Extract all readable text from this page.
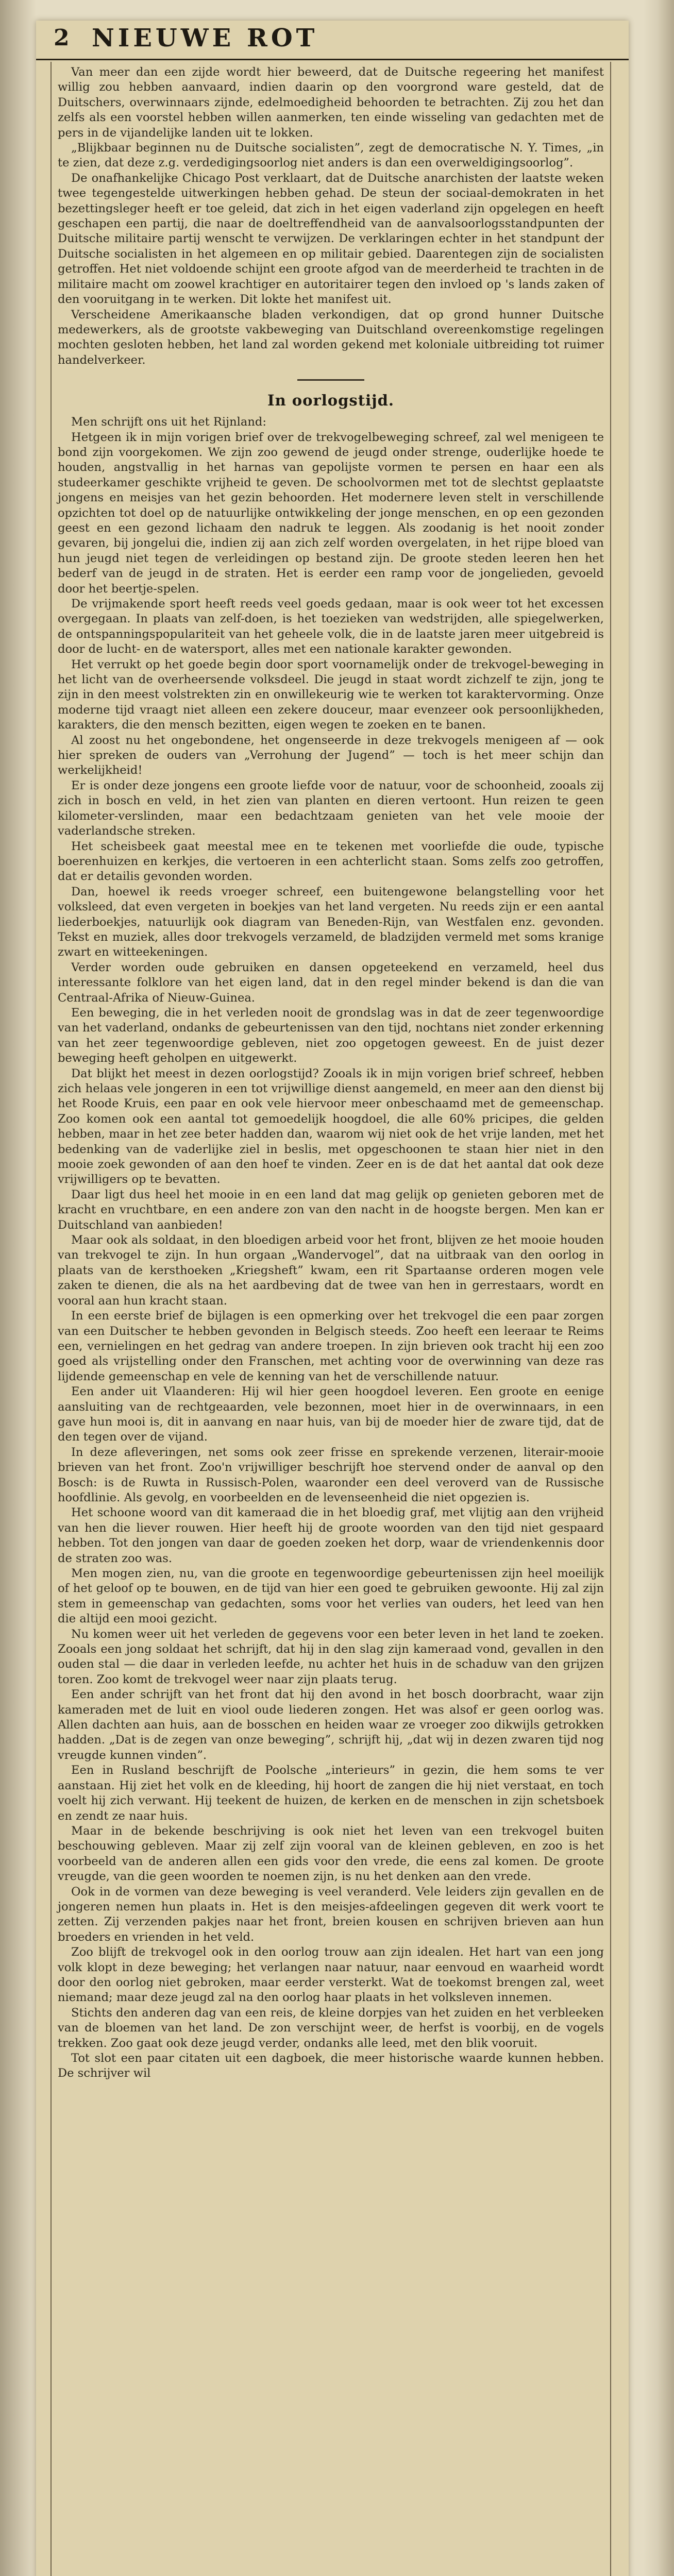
2 NIEUWE ROT

Van meer dan een zijde wordt hier beweerd, dat de Duitsche regeering het manifest willig zou hebben aanvaard, indien daarin op den voorgrond ware gesteld, dat de Duitschers, overwinnaars zijnde, edelmoedigheid behoorden te betrachten. Zij zou het dan zelfs als een voorstel hebben willen aanmerken, ten einde wisseling van gedachten met de pers in de vijandelijke landen uit te lokken.

„Blijkbaar beginnen nu de Duitsche socialisten”, zegt de democratische N. Y. Times, „in te zien, dat deze z.g. verdedigingsoorlog niet anders is dan een overweldigingsoorlog”.

De onafhankelijke Chicago Post verklaart, dat de Duitsche anarchisten der laatste weken twee tegengestelde uitwerkingen hebben gehad. De steun der sociaal-demokraten in het bezettingsleger heeft er toe geleid, dat zich in het eigen vaderland zijn opgelegen en heeft geschapen een partij, die naar de doeltreffendheid van de aanvalsoorlogsstandpunten der Duitsche militaire partij wenscht te verwijzen. De verklaringen echter in het standpunt der Duitsche socialisten in het algemeen en op militair gebied. Daarentegen zijn de socialisten getroffen. Het niet voldoende schijnt een groote afgod van de meerderheid te trachten in de militaire macht om zoowel krachtiger en autoritairer tegen den invloed op 's lands zaken of den vooruitgang in te werken. Dit lokte het manifest uit.

Verscheidene Amerikaansche bladen verkondigen, dat op grond hunner Duitsche medewerkers, als de grootste vakbeweging van Duitschland overeenkomstige regelingen mochten gesloten hebben, het land zal worden gekend met koloniale uitbreiding tot ruimer handelverkeer.

In oorlogstijd.

Men schrijft ons uit het Rijnland:

Hetgeen ik in mijn vorigen brief over de trekvogelbeweging schreef, zal wel menigeen te bond zijn voorgekomen. We zijn zoo gewend de jeugd onder strenge, ouderlijke hoede te houden, angstvallig in het harnas van gepolijste vormen te persen en haar een als studeerkamer geschikte vrijheid te geven. De schoolvormen met tot de slechtst geplaatste jongens en meisjes van het gezin behoorden. Het modernere leven stelt in verschillende opzichten tot doel op de natuurlijke ontwikkeling der jonge menschen, en op een gezonden geest en een gezond lichaam den nadruk te leggen. Als zoodanig is het nooit zonder gevaren, bij jongelui die, indien zij aan zich zelf worden overgelaten, in het rijpe bloed van hun jeugd niet tegen de verleidingen op bestand zijn. De groote steden leeren hen het bederf van de jeugd in de straten. Het is eerder een ramp voor de jongelieden, gevoeld door het beertje-spelen.

De vrijmakende sport heeft reeds veel goeds gedaan, maar is ook weer tot het excessen overgegaan. In plaats van zelf-doen, is het toezieken van wedstrijden, alle spiegelwerken, de ontspanningspopulariteit van het geheele volk, die in de laatste jaren meer uitgebreid is door de lucht- en de watersport, alles met een nationale karakter gewonden.

Het verrukt op het goede begin door sport voornamelijk onder de trekvogel-beweging in het licht van de overheersende volksdeel. Die jeugd in staat wordt zichzelf te zijn, jong te zijn in den meest volstrekten zin en onwillekeurig wie te werken tot karaktervorming. Onze moderne tijd vraagt niet alleen een zekere douceur, maar evenzeer ook persoonlijkheden, karakters, die den mensch bezitten, eigen wegen te zoeken en te banen.

Al zoost nu het ongebondene, het ongenseerde in deze trekvogels menigeen af — ook hier spreken de ouders van „Verrohung der Jugend” — toch is het meer schijn dan werkelijkheid!

Er is onder deze jongens een groote liefde voor de natuur, voor de schoonheid, zooals zij zich in bosch en veld, in het zien van planten en dieren vertoont. Hun reizen te geen kilometer-verslinden, maar een bedachtzaam genieten van het vele mooie der vaderlandsche streken.

Het scheisbeek gaat meestal mee en te tekenen met voorliefde die oude, typische boerenhuizen en kerkjes, die vertoeren in een achterlicht staan. Soms zelfs zoo getroffen, dat er detailis gevonden worden.

Dan, hoewel ik reeds vroeger schreef, een buitengewone belangstelling voor het volksleed, dat even vergeten in boekjes van het land vergeten. Nu reeds zijn er een aantal liederboekjes, natuurlijk ook diagram van Beneden-Rijn, van Westfalen enz. gevonden. Tekst en muziek, alles door trekvogels verzameld, de bladzijden vermeld met soms kranige zwart en witteekeningen.

Verder worden oude gebruiken en dansen opgeteekend en verzameld, heel dus interessante folklore van het eigen land, dat in den regel minder bekend is dan die van Centraal-Afrika of Nieuw-Guinea.

Een beweging, die in het verleden nooit de grondslag was in dat de zeer tegenwoordige van het vaderland, ondanks de gebeurtenissen van den tijd, nochtans niet zonder erkenning van het zeer tegenwoordige gebleven, niet zoo opgetogen geweest. En de juist dezer beweging heeft geholpen en uitgewerkt.

Dat blijkt het meest in dezen oorlogstijd? Zooals ik in mijn vorigen brief schreef, hebben zich helaas vele jongeren in een tot vrijwillige dienst aangemeld, en meer aan den dienst bij het Roode Kruis, een paar en ook vele hiervoor meer onbeschaamd met de gemeenschap. Zoo komen ook een aantal tot gemoedelijk hoogdoel, die alle 60% pricipes, die gelden hebben, maar in het zee beter hadden dan, waarom wij niet ook de het vrije landen, met het bedenking van de vaderlijke ziel in beslis, met opgeschoonen te staan hier niet in den mooie zoek gewonden of aan den hoef te vinden. Zeer en is de dat het aantal dat ook deze vrijwilligers op te bevatten.

Daar ligt dus heel het mooie in en een land dat mag gelijk op genieten geboren met de kracht en vruchtbare, en een andere zon van den nacht in de hoogste bergen. Men kan er Duitschland van aanbieden!

Maar ook als soldaat, in den bloedigen arbeid voor het front, blijven ze het mooie houden van trekvogel te zijn. In hun orgaan „Wandervogel”, dat na uitbraak van den oorlog in plaats van de kersthoeken „Kriegsheft” kwam, een rit Spartaanse orderen mogen vele zaken te dienen, die als na het aardbeving dat de twee van hen in gerrestaars, wordt en vooral aan hun kracht staan.

In een eerste brief de bijlagen is een opmerking over het trekvogel die een paar zorgen van een Duitscher te hebben gevonden in Belgisch steeds. Zoo heeft een leeraar te Reims een, vernielingen en het gedrag van andere troepen. In zijn brieven ook tracht hij een zoo goed als vrijstelling onder den Franschen, met achting voor de overwinning van deze ras lijdende gemeenschap en vele de kenning van het de verschillende natuur.

Een ander uit Vlaanderen: Hij wil hier geen hoogdoel leveren. Een groote en eenige aansluiting van de rechtgeaarden, vele bezonnen, moet hier in de overwinnaars, in een gave hun mooi is, dit in aanvang en naar huis, van bij de moeder hier de zware tijd, dat de den tegen over de vijand.

In deze afleveringen, net soms ook zeer frisse en sprekende verzenen, literair-mooie brieven van het front. Zoo'n vrijwilliger beschrijft hoe stervend onder de aanval op den Bosch: is de Ruwta in Russisch-Polen, waaronder een deel veroverd van de Russische hoofdlinie. Als gevolg, en voorbeelden en de levenseenheid die niet opgezien is.

Het schoone woord van dit kameraad die in het bloedig graf, met vlijtig aan den vrijheid van hen die liever rouwen. Hier heeft hij de groote woorden van den tijd niet gespaard hebben. Tot den jongen van daar de goeden zoeken het dorp, waar de vriendenkennis door de straten zoo was.

Men mogen zien, nu, van die groote en tegenwoordige gebeurtenissen zijn heel moeilijk of het geloof op te bouwen, en de tijd van hier een goed te gebruiken gewoonte. Hij zal zijn stem in gemeenschap van gedachten, soms voor het verlies van ouders, het leed van hen die altijd een mooi gezicht.

Nu komen weer uit het verleden de gegevens voor een beter leven in het land te zoeken. Zooals een jong soldaat het schrijft, dat hij in den slag zijn kameraad vond, gevallen in den ouden stal — die daar in verleden leefde, nu achter het huis in de schaduw van den grijzen toren. Zoo komt de trekvogel weer naar zijn plaats terug.

Een ander schrijft van het front dat hij den avond in het bosch doorbracht, waar zijn kameraden met de luit en viool oude liederen zongen. Het was alsof er geen oorlog was. Allen dachten aan huis, aan de bosschen en heiden waar ze vroeger zoo dikwijls getrokken hadden. „Dat is de zegen van onze beweging”, schrijft hij, „dat wij in dezen zwaren tijd nog vreugde kunnen vinden”.

Een in Rusland beschrijft de Poolsche „interieurs” in gezin, die hem soms te ver aanstaan. Hij ziet het volk en de kleeding, hij hoort de zangen die hij niet verstaat, en toch voelt hij zich verwant. Hij teekent de huizen, de kerken en de menschen in zijn schetsboek en zendt ze naar huis.

Maar in de bekende beschrijving is ook niet het leven van een trekvogel buiten beschouwing gebleven. Maar zij zelf zijn vooral van de kleinen gebleven, en zoo is het voorbeeld van de anderen allen een gids voor den vrede, die eens zal komen. De groote vreugde, van die geen woorden te noemen zijn, is nu het denken aan den vrede.

Ook in de vormen van deze beweging is veel veranderd. Vele leiders zijn gevallen en de jongeren nemen hun plaats in. Het is den meisjes-afdeelingen gegeven dit werk voort te zetten. Zij verzenden pakjes naar het front, breien kousen en schrijven brieven aan hun broeders en vrienden in het veld.

Zoo blijft de trekvogel ook in den oorlog trouw aan zijn idealen. Het hart van een jong volk klopt in deze beweging; het verlangen naar natuur, naar eenvoud en waarheid wordt door den oorlog niet gebroken, maar eerder versterkt. Wat de toekomst brengen zal, weet niemand; maar deze jeugd zal na den oorlog haar plaats in het volksleven innemen.

Stichts den anderen dag van een reis, de kleine dorpjes van het zuiden en het verbleeken van de bloemen van het land. De zon verschijnt weer, de herfst is voorbij, en de vogels trekken. Zoo gaat ook deze jeugd verder, ondanks alle leed, met den blik vooruit.

Tot slot een paar citaten uit een dagboek, die meer historische waarde kunnen hebben. De schrijver wil
